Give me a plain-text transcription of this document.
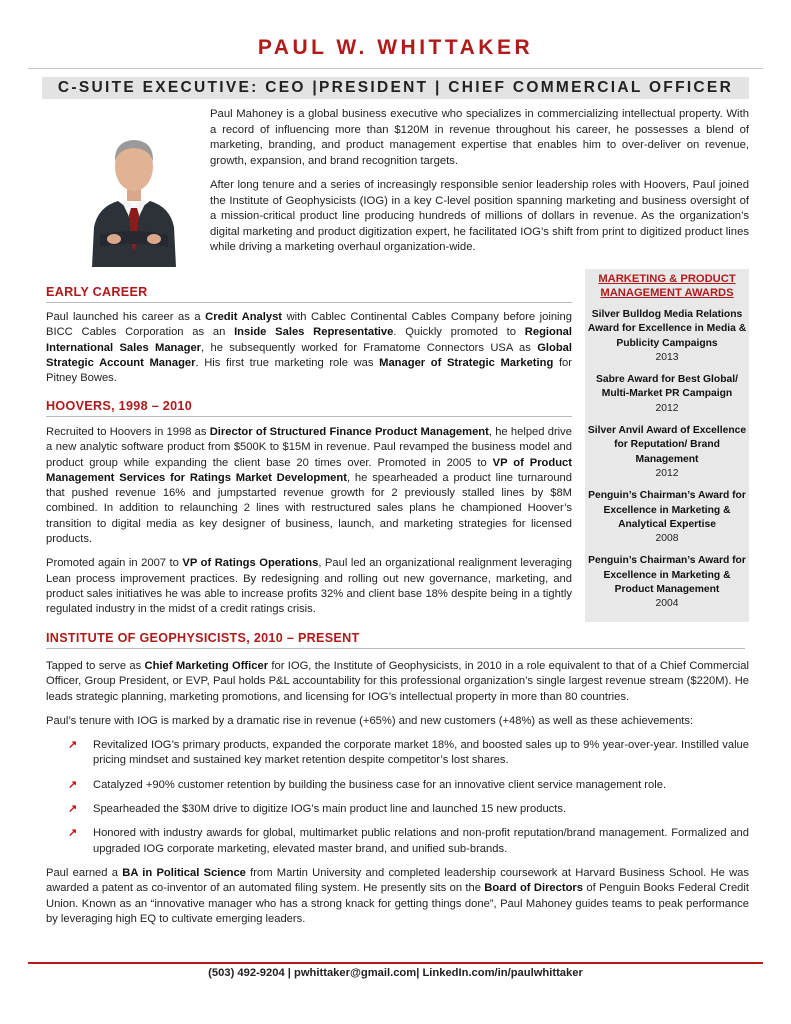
PAUL W. WHITTAKER
C-SUITE EXECUTIVE: CEO |PRESIDENT | CHIEF COMMERCIAL OFFICER

Paul Mahoney is a global business executive who specializes in commercializing intellectual property. With a record of influencing more than $120M in revenue throughout his career, he possesses a blend of marketing, branding, and product management expertise that enables him to over-deliver on revenue, growth, expansion, and brand recognition targets.

After long tenure and a series of increasingly responsible senior leadership roles with Hoovers, Paul joined the Institute of Geophysicists (IOG) in a key C-level position spanning marketing and business oversight of a mission-critical product line producing hundreds of millions of dollars in revenue. As the organization’s digital marketing and product digitization expert, he facilitated IOG’s shift from print to digitized product lines while driving a marketing overhaul organization-wide.

EARLY CAREER

Paul launched his career as a Credit Analyst with Cablec Continental Cables Company before joining BICC Cables Corporation as an Inside Sales Representative. Quickly promoted to Regional International Sales Manager, he subsequently worked for Framatome Connectors USA as Global Strategic Account Manager. His first true marketing role was Manager of Strategic Marketing for Pitney Bowes.

HOOVERS, 1998 – 2010

Recruited to Hoovers in 1998 as Director of Structured Finance Product Management, he helped drive a new analytic software product from $500K to $15M in revenue. Paul revamped the business model and product group while expanding the client base 20 times over. Promoted in 2005 to VP of Product Management Services for Ratings Market Development, he spearheaded a product line turnaround that pushed revenue 16% and jumpstarted revenue growth for 2 previously stalled lines by $8M combined. In addition to relaunching 2 lines with restructured sales plans he championed Hoover’s transition to digital media as key designer of business, launch, and marketing strategies for licensed products.

Promoted again in 2007 to VP of Ratings Operations, Paul led an organizational realignment leveraging Lean process improvement practices. By redesigning and rolling out new governance, marketing, and product sales initiatives he was able to increase profits 32% and client base 18% despite being in a tightly regulated industry in the midst of a credit ratings crisis.

MARKETING & PRODUCT
MANAGEMENT AWARDS
Silver Bulldog Media Relations Award for Excellence in Media & Publicity Campaigns
2013
Sabre Award for Best Global/ Multi-Market PR Campaign
2012
Silver Anvil Award of Excellence for Reputation/ Brand Management
2012
Penguin’s Chairman’s Award for Excellence in Marketing & Analytical Expertise
2008
Penguin’s Chairman’s Award for Excellence in Marketing & Product Management
2004
INSTITUTE OF GEOPHYSICISTS, 2010 – PRESENT

Tapped to serve as Chief Marketing Officer for IOG, the Institute of Geophysicists, in 2010 in a role equivalent to that of a Chief Commercial Officer, Group President, or EVP, Paul holds P&L accountability for this professional organization’s single largest revenue stream ($220M). He leads strategic planning, marketing promotions, and licensing for IOG’s intellectual property in more than 80 countries.

Paul’s tenure with IOG is marked by a dramatic rise in revenue (+65%) and new customers (+48%) as well as these achievements:

↗ Revitalized IOG’s primary products, expanded the corporate market 18%, and boosted sales up to 9% year-over-year. Instilled value pricing mindset and sustained key market retention despite competitor’s lost shares.
↗ Catalyzed +90% customer retention by building the business case for an innovative client service management role.
↗ Spearheaded the $30M drive to digitize IOG’s main product line and launched 15 new products.
↗ Honored with industry awards for global, multimarket public relations and non-profit reputation/brand management. Formalized and upgraded IOG corporate marketing, elevated master brand, and unified sub-brands.

Paul earned a BA in Political Science from Martin University and completed leadership coursework at Harvard Business School. He was awarded a patent as co-inventor of an automated filing system. He presently sits on the Board of Directors of Penguin Books Federal Credit Union. Known as an “innovative manager who has a strong knack for getting things done”, Paul Mahoney guides teams to peak performance by leveraging high EQ to cultivate emerging leaders.

(503) 492-9204 | pwhittaker@gmail.com| LinkedIn.com/in/paulwhittaker
